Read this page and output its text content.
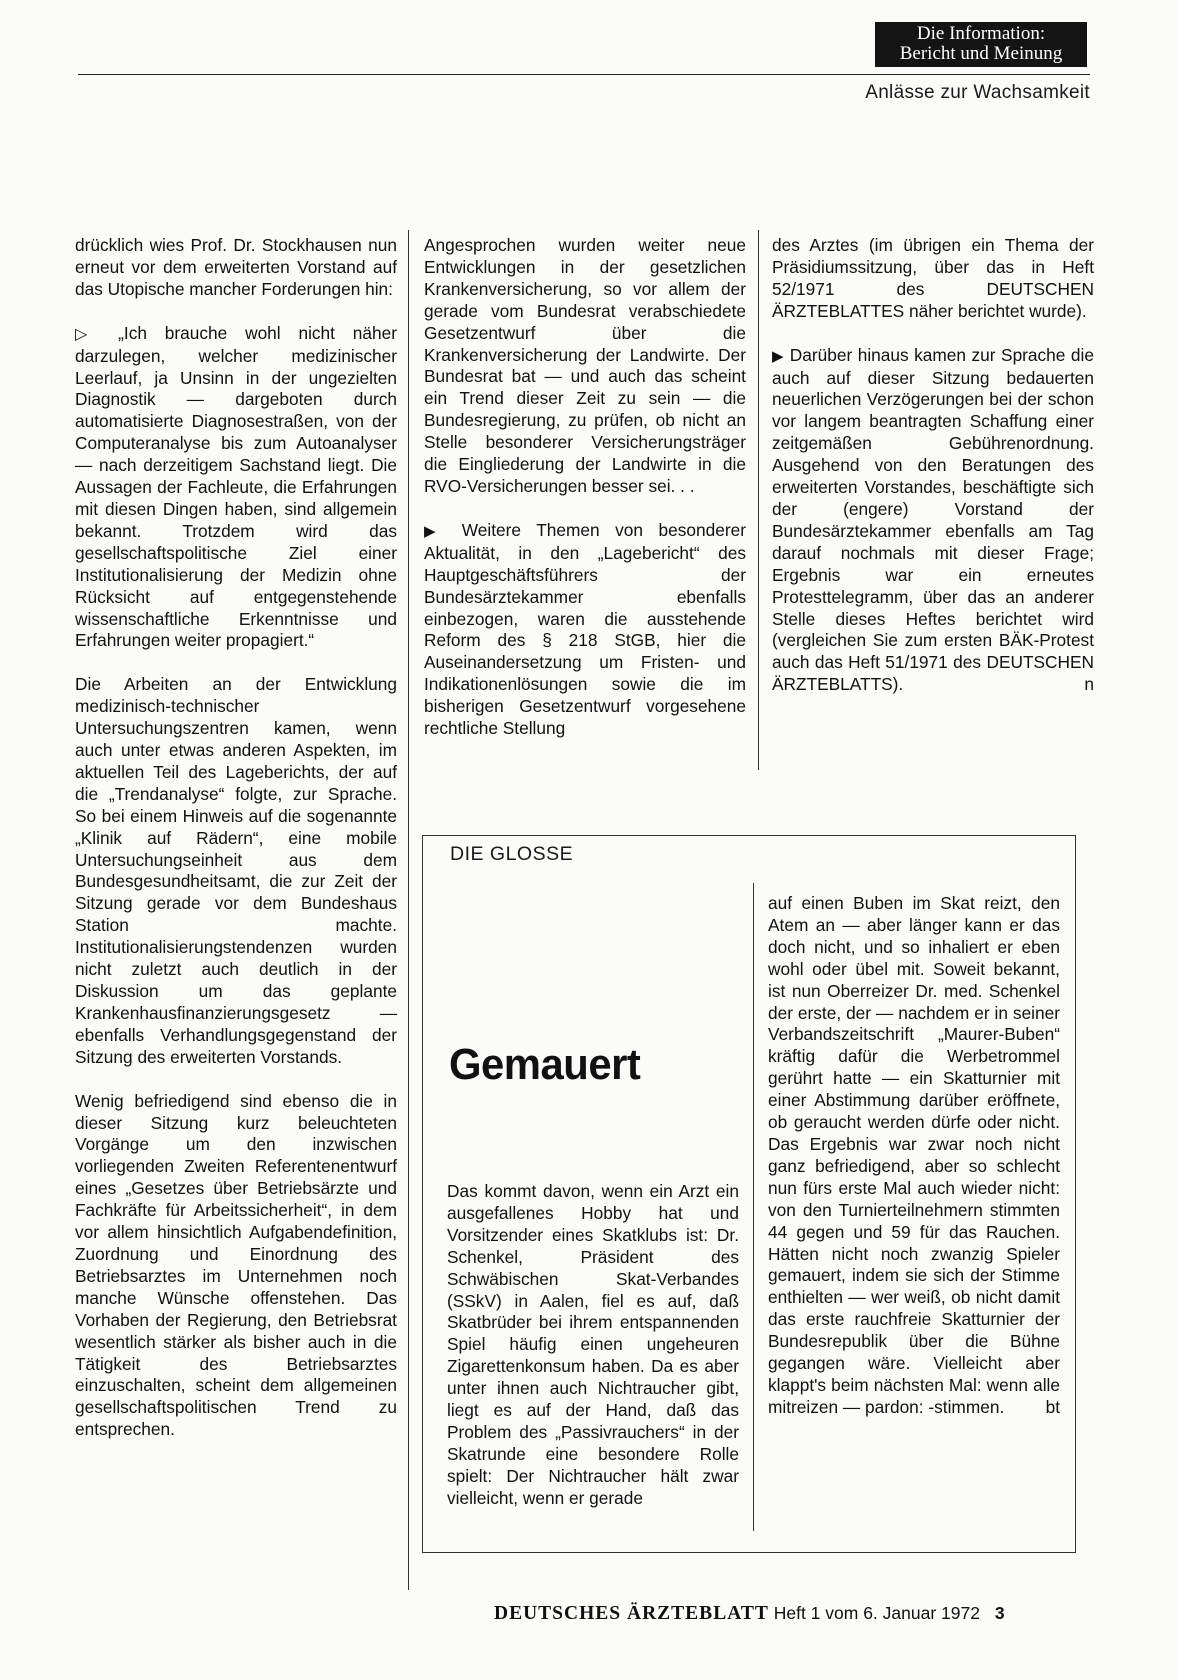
Die Information:
Bericht und Meinung
Anlässe zur Wachsamkeit

drücklich wies Prof. Dr. Stockhausen nun erneut vor dem erweiterten Vorstand auf das Utopische mancher Forderungen hin:

▷ „Ich brauche wohl nicht näher darzulegen, welcher medizinischer Leerlauf, ja Unsinn in der ungezielten Diagnostik — dargeboten durch automatisierte Diagnosestraßen, von der Computeranalyse bis zum Autoanalyser — nach derzeitigem Sachstand liegt. Die Aussagen der Fachleute, die Erfahrungen mit diesen Dingen haben, sind allgemein bekannt. Trotzdem wird das gesellschaftspolitische Ziel einer Institutionalisierung der Medizin ohne Rücksicht auf entgegenstehende wissenschaftliche Erkenntnisse und Erfahrungen weiter propagiert.“

Die Arbeiten an der Entwicklung medizinisch-technischer Untersuchungszentren kamen, wenn auch unter etwas anderen Aspekten, im aktuellen Teil des Lageberichts, der auf die „Trendanalyse“ folgte, zur Sprache. So bei einem Hinweis auf die sogenannte „Klinik auf Rädern“, eine mobile Untersuchungseinheit aus dem Bundesgesundheitsamt, die zur Zeit der Sitzung gerade vor dem Bundeshaus Station machte. Institutionalisierungstendenzen wurden nicht zuletzt auch deutlich in der Diskussion um das geplante Krankenhausfinanzierungsgesetz — ebenfalls Verhandlungsgegenstand der Sitzung des erweiterten Vorstands.

Wenig befriedigend sind ebenso die in dieser Sitzung kurz beleuchteten Vorgänge um den inzwischen vorliegenden Zweiten Referentenentwurf eines „Gesetzes über Betriebsärzte und Fachkräfte für Arbeitssicherheit“, in dem vor allem hinsichtlich Aufgabendefinition, Zuordnung und Einordnung des Betriebsarztes im Unternehmen noch manche Wünsche offenstehen. Das Vorhaben der Regierung, den Betriebsrat wesentlich stärker als bisher auch in die Tätigkeit des Betriebsarztes einzuschalten, scheint dem allgemeinen gesellschaftspolitischen Trend zu entsprechen.

Angesprochen wurden weiter neue Entwicklungen in der gesetzlichen Krankenversicherung, so vor allem der gerade vom Bundesrat verabschiedete Gesetzentwurf über die Krankenversicherung der Landwirte. Der Bundesrat bat — und auch das scheint ein Trend dieser Zeit zu sein — die Bundesregierung, zu prüfen, ob nicht an Stelle besonderer Versicherungsträger die Eingliederung der Landwirte in die RVO-Versicherungen besser sei. . .

▶ Weitere Themen von besonderer Aktualität, in den „Lagebericht“ des Hauptgeschäftsführers der Bundesärztekammer ebenfalls einbezogen, waren die ausstehende Reform des § 218 StGB, hier die Auseinandersetzung um Fristen- und Indikationenlösungen sowie die im bisherigen Gesetzentwurf vorgesehene rechtliche Stellung

des Arztes (im übrigen ein Thema der Präsidiumssitzung, über das in Heft 52/1971 des DEUTSCHEN ÄRZTEBLATTES näher berichtet wurde).

▶ Darüber hinaus kamen zur Sprache die auch auf dieser Sitzung bedauerten neuerlichen Verzögerungen bei der schon vor langem beantragten Schaffung einer zeitgemäßen Gebührenordnung. Ausgehend von den Beratungen des erweiterten Vorstandes, beschäftigte sich der (engere) Vorstand der Bundesärztekammer ebenfalls am Tag darauf nochmals mit dieser Frage; Ergebnis war ein erneutes Protesttelegramm, über das an anderer Stelle dieses Heftes berichtet wird (vergleichen Sie zum ersten BÄK-Protest auch das Heft 51/1971 des DEUTSCHEN ÄRZTEBLATTS).	n

DIE GLOSSE
Gemauert
Das kommt davon, wenn ein Arzt ein ausgefallenes Hobby hat und Vorsitzender eines Skatklubs ist: Dr. Schenkel, Präsident des Schwäbischen Skat-Verbandes (SSkV) in Aalen, fiel es auf, daß Skatbrüder bei ihrem entspannenden Spiel häufig einen ungeheuren Zigarettenkonsum haben. Da es aber unter ihnen auch Nichtraucher gibt, liegt es auf der Hand, daß das Problem des „Passivrauchers“ in der Skatrunde eine besondere Rolle spielt: Der Nichtraucher hält zwar vielleicht, wenn er gerade
auf einen Buben im Skat reizt, den Atem an — aber länger kann er das doch nicht, und so inhaliert er eben wohl oder übel mit. Soweit bekannt, ist nun Oberreizer Dr. med. Schenkel der erste, der — nachdem er in seiner Verbandszeitschrift „Maurer-Buben“ kräftig dafür die Werbetrommel gerührt hatte — ein Skatturnier mit einer Abstimmung darüber eröffnete, ob geraucht werden dürfe oder nicht. Das Ergebnis war zwar noch nicht ganz befriedigend, aber so schlecht nun fürs erste Mal auch wieder nicht: von den Turnierteilnehmern stimmten 44 gegen und 59 für das Rauchen. Hätten nicht noch zwanzig Spieler gemauert, indem sie sich der Stimme enthielten — wer weiß, ob nicht damit das erste rauchfreie Skatturnier der Bundesrepublik über die Bühne gegangen wäre. Vielleicht aber klappt's beim nächsten Mal: wenn alle mitreizen — pardon: -stimmen. bt
DEUTSCHES ÄRZTEBLATT Heft 1 vom 6. Januar 1972 3
